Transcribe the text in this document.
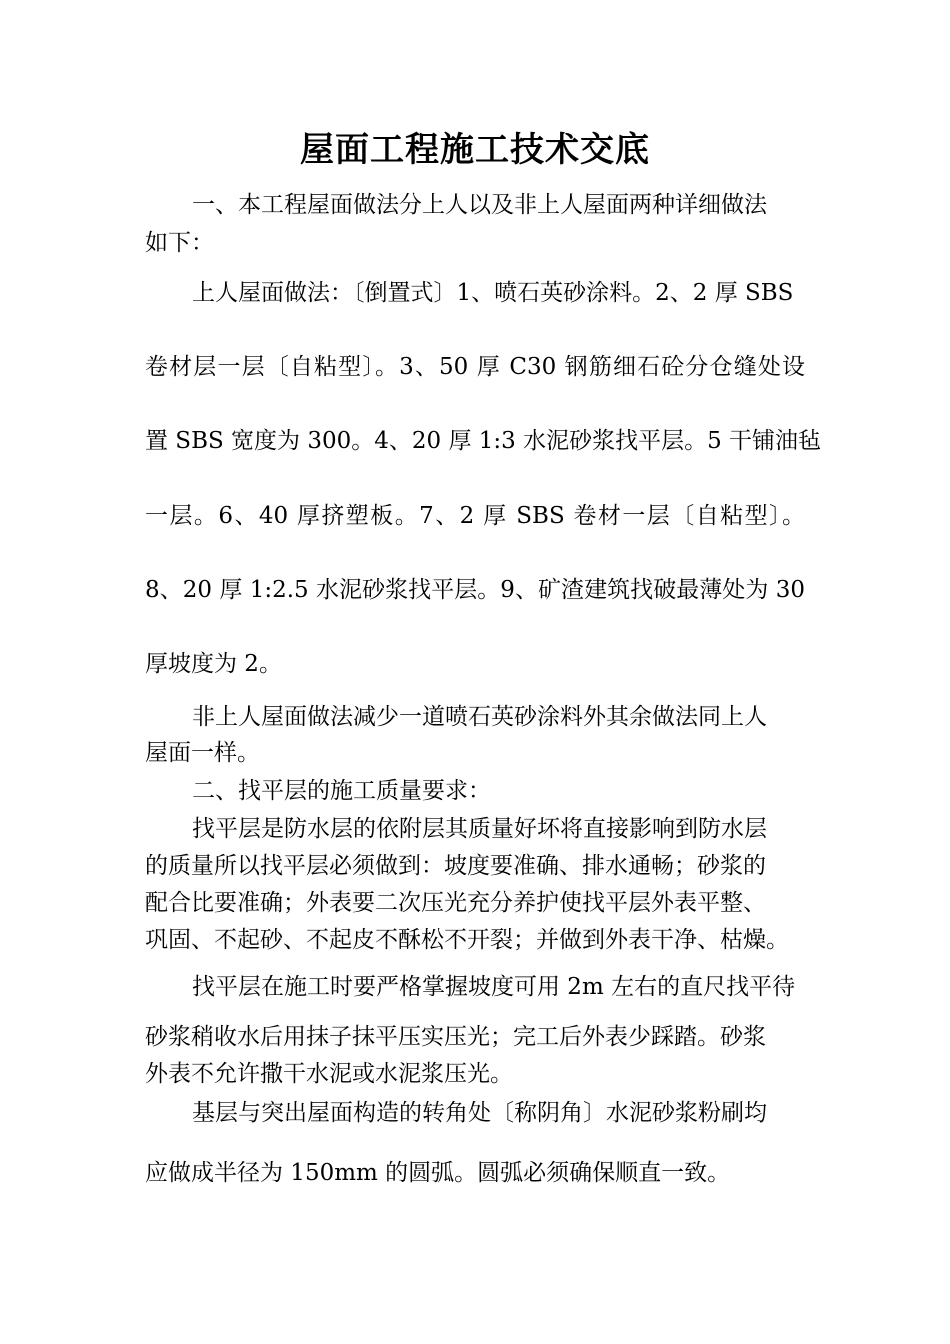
屋面工程施工技术交底
一、本工程屋面做法分上人以及非上人屋面两种详细做法
如下：
上人屋面做法：〔倒置式〕1、喷石英砂涂料。2、2 厚 SBS
卷材层一层〔自粘型〕。3、50 厚 C30 钢筋细石砼分仓缝处设
置 SBS 宽度为 300。4、20 厚 1:3 水泥砂浆找平层。5 干铺油毡
一层。6、40 厚挤塑板。7、2 厚 SBS 卷材一层〔自粘型〕。
8、20 厚 1:2.5 水泥砂浆找平层。9、矿渣建筑找破最薄处为 30
厚坡度为 2。
非上人屋面做法减少一道喷石英砂涂料外其余做法同上人
屋面一样。
二、找平层的施工质量要求：
找平层是防水层的依附层其质量好坏将直接影响到防水层
的质量所以找平层必须做到：坡度要准确、排水通畅；砂浆的
配合比要准确；外表要二次压光充分养护使找平层外表平整、
巩固、不起砂、不起皮不酥松不开裂；并做到外表干净、枯燥。
找平层在施工时要严格掌握坡度可用 2m 左右的直尺找平待
砂浆稍收水后用抹子抹平压实压光；完工后外表少踩踏。砂浆
外表不允许撒干水泥或水泥浆压光。
基层与突出屋面构造的转角处〔称阴角〕水泥砂浆粉刷均
应做成半径为 150mm 的圆弧。圆弧必须确保顺直一致。
